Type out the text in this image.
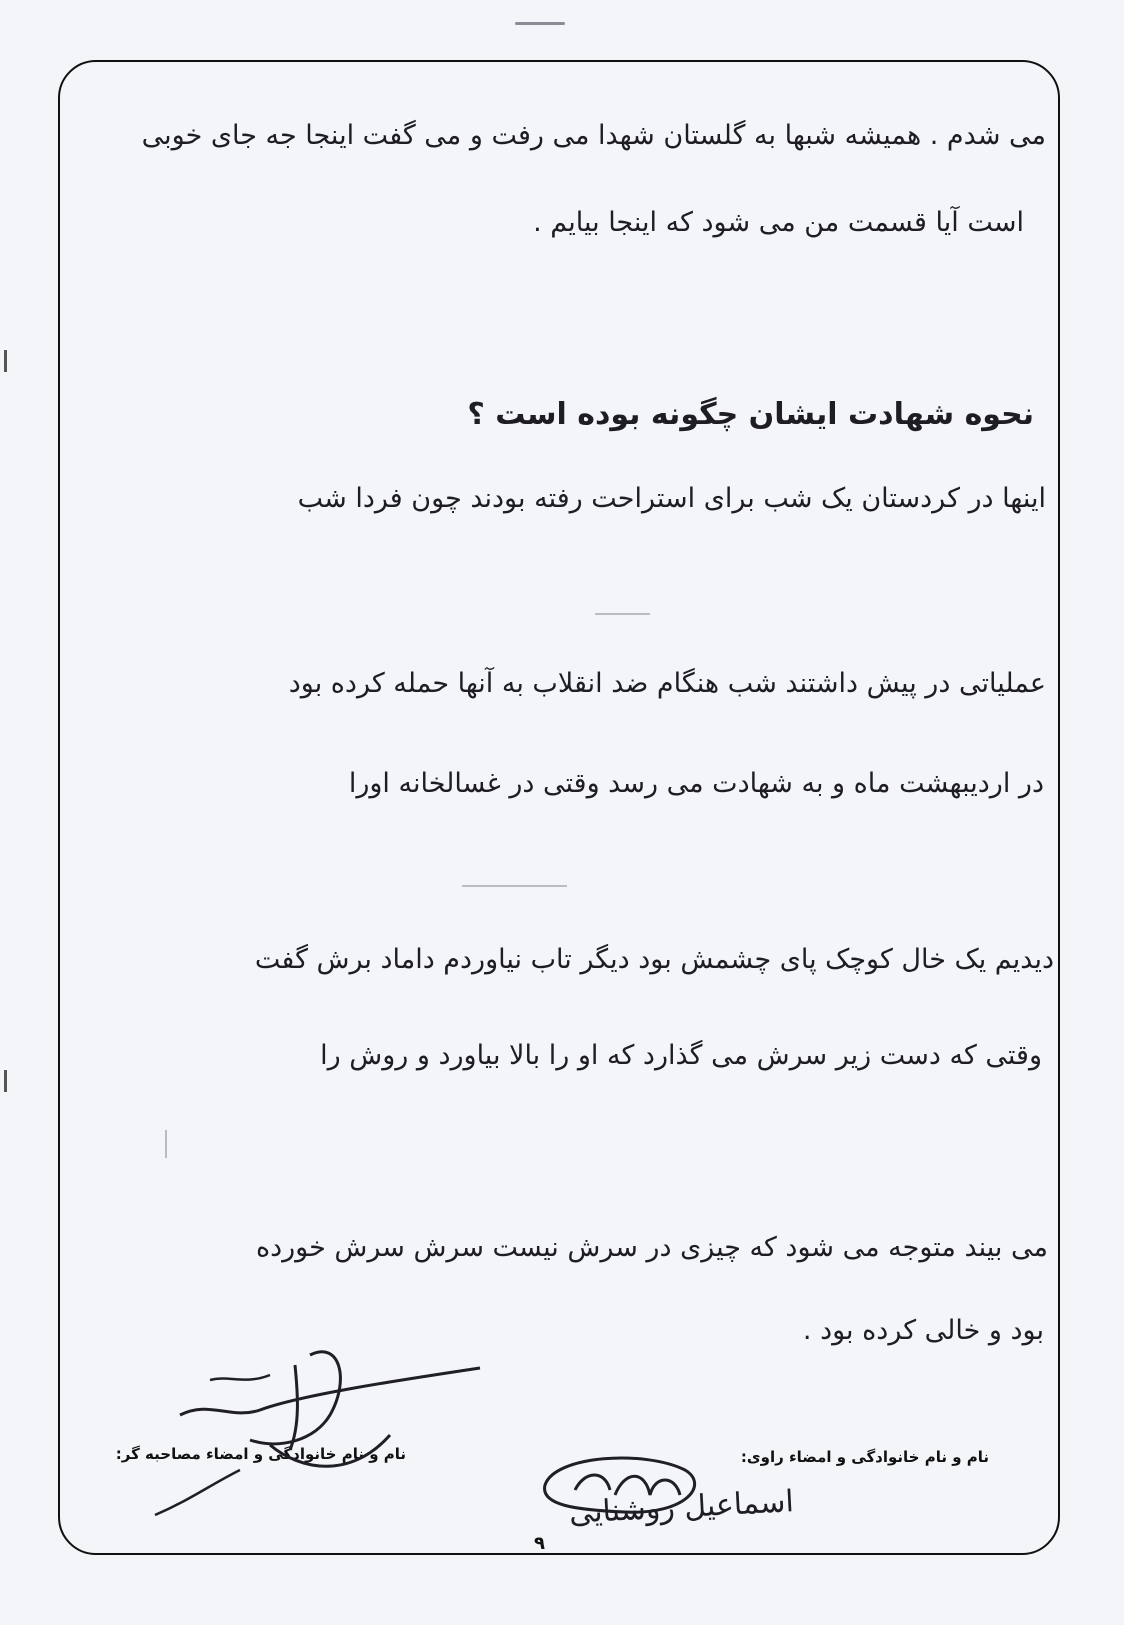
می شدم . همیشه شبها به گلستان شهدا می رفت و می گفت اینجا جه جای خوبی
است آیا قسمت من می شود که اینجا بیایم .
نحوه شهادت ایشان چگونه بوده است ؟
اینها در کردستان یک شب برای استراحت رفته بودند چون فردا شب
عملیاتی در پیش داشتند شب هنگام ضد انقلاب به آنها حمله کرده بود
در اردیبهشت ماه و به شهادت می رسد وقتی در غسالخانه اورا
دیدیم یک خال کوچک پای چشمش بود دیگر تاب نیاوردم داماد برش گفت
وقتی که دست زیر سرش می گذارد که او را بالا بیاورد و روش را
می بیند متوجه می شود که چیزی در سرش نیست سرش سرش خورده
بود و خالی کرده بود .
نام و نام خانوادگی و امضاء مصاحبه گر:	نام و نام خانوادگی و امضاء راوی:
اسماعیل روشنایی
۹
